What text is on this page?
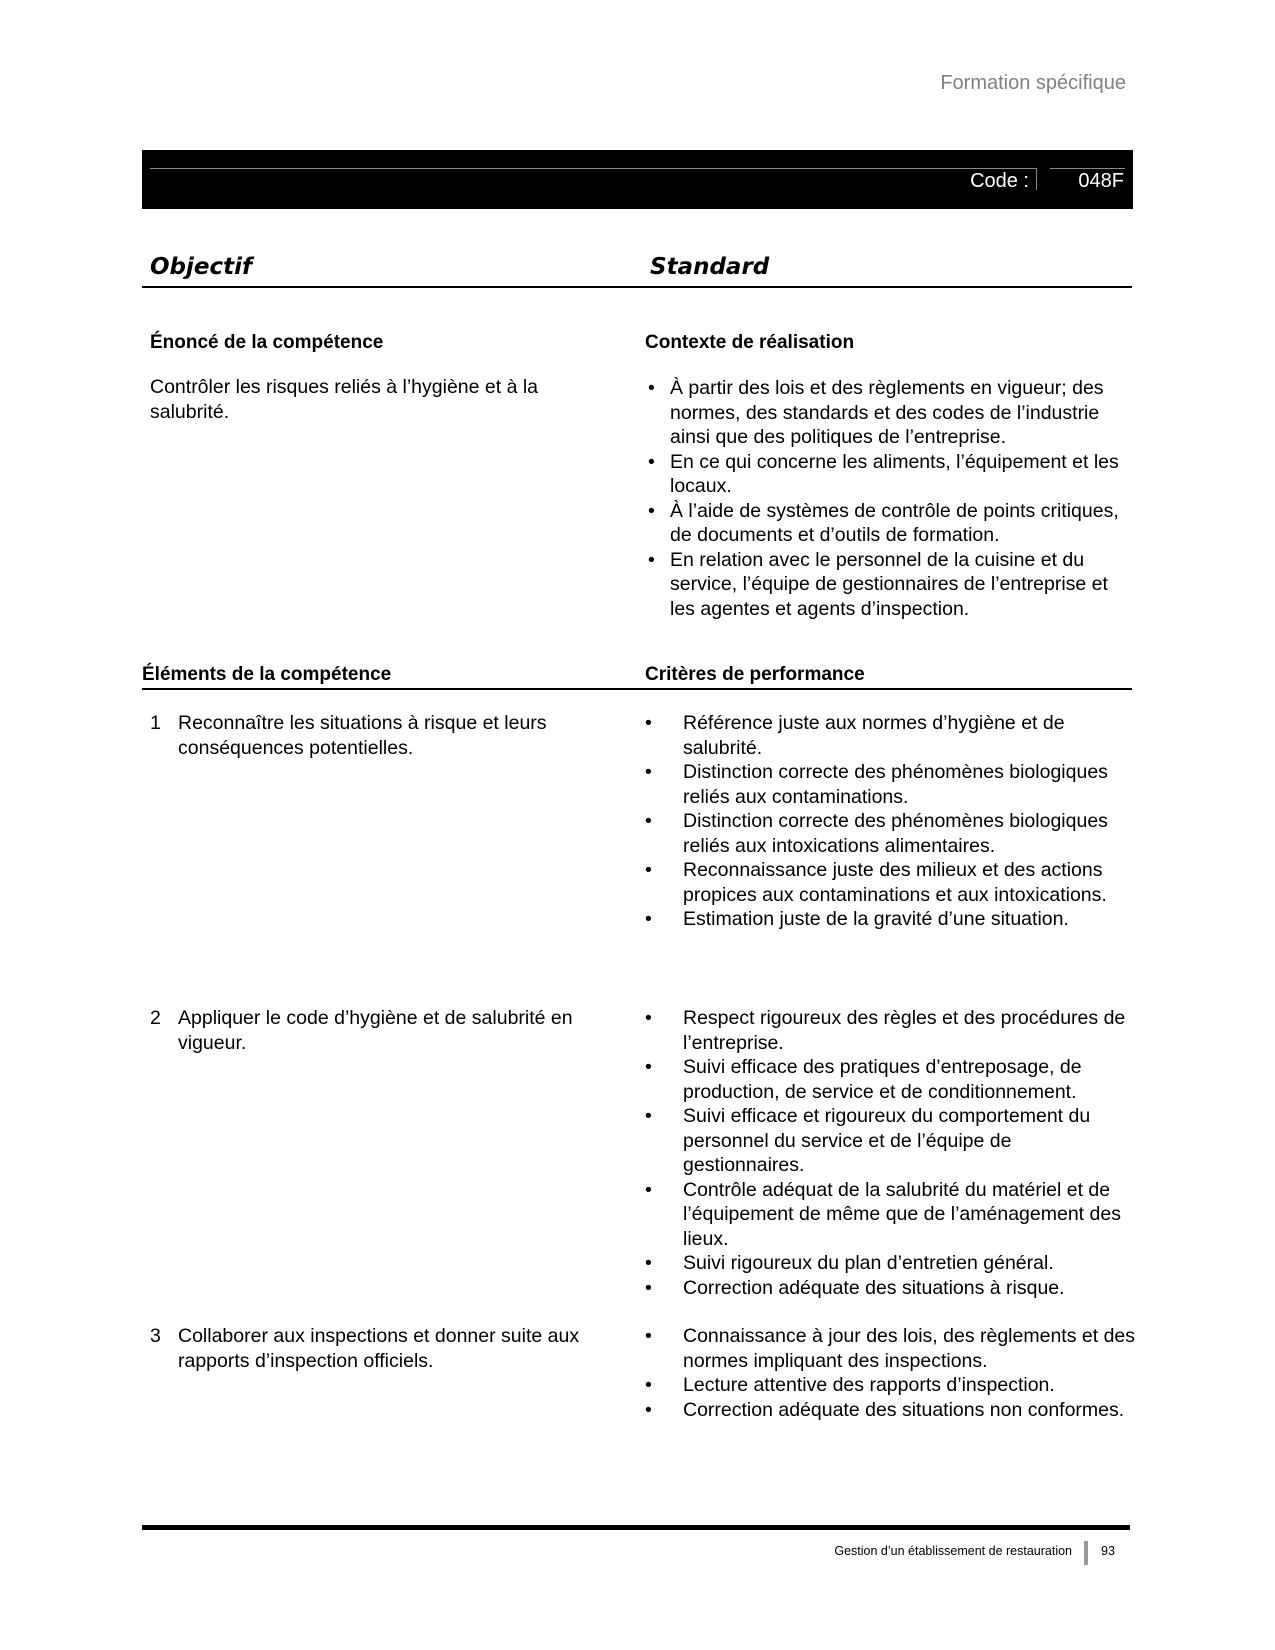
Formation spécifique
Code : 048F
Objectif	Standard
Énoncé de la compétence
Contrôler les risques reliés à l’hygiène et à la salubrité.
Contexte de réalisation
• À partir des lois et des règlements en vigueur; des normes, des standards et des codes de l’industrie ainsi que des politiques de l’entreprise.
• En ce qui concerne les aliments, l’équipement et les locaux.
• À l’aide de systèmes de contrôle de points critiques, de documents et d’outils de formation.
• En relation avec le personnel de la cuisine et du service, l’équipe de gestionnaires de l’entreprise et les agentes et agents d’inspection.
Éléments de la compétence	Critères de performance
1 Reconnaître les situations à risque et leurs conséquences potentielles.
• Référence juste aux normes d’hygiène et de salubrité.
• Distinction correcte des phénomènes biologiques reliés aux contaminations.
• Distinction correcte des phénomènes biologiques reliés aux intoxications alimentaires.
• Reconnaissance juste des milieux et des actions propices aux contaminations et aux intoxications.
• Estimation juste de la gravité d’une situation.
2 Appliquer le code d’hygiène et de salubrité en vigueur.
• Respect rigoureux des règles et des procédures de l’entreprise.
• Suivi efficace des pratiques d’entreposage, de production, de service et de conditionnement.
• Suivi efficace et rigoureux du comportement du personnel du service et de l’équipe de gestionnaires.
• Contrôle adéquat de la salubrité du matériel et de l’équipement de même que de l’aménagement des lieux.
• Suivi rigoureux du plan d’entretien général.
• Correction adéquate des situations à risque.
3 Collaborer aux inspections et donner suite aux rapports d’inspection officiels.
• Connaissance à jour des lois, des règlements et des normes impliquant des inspections.
• Lecture attentive des rapports d’inspection.
• Correction adéquate des situations non conformes.
Gestion d’un établissement de restauration 93
